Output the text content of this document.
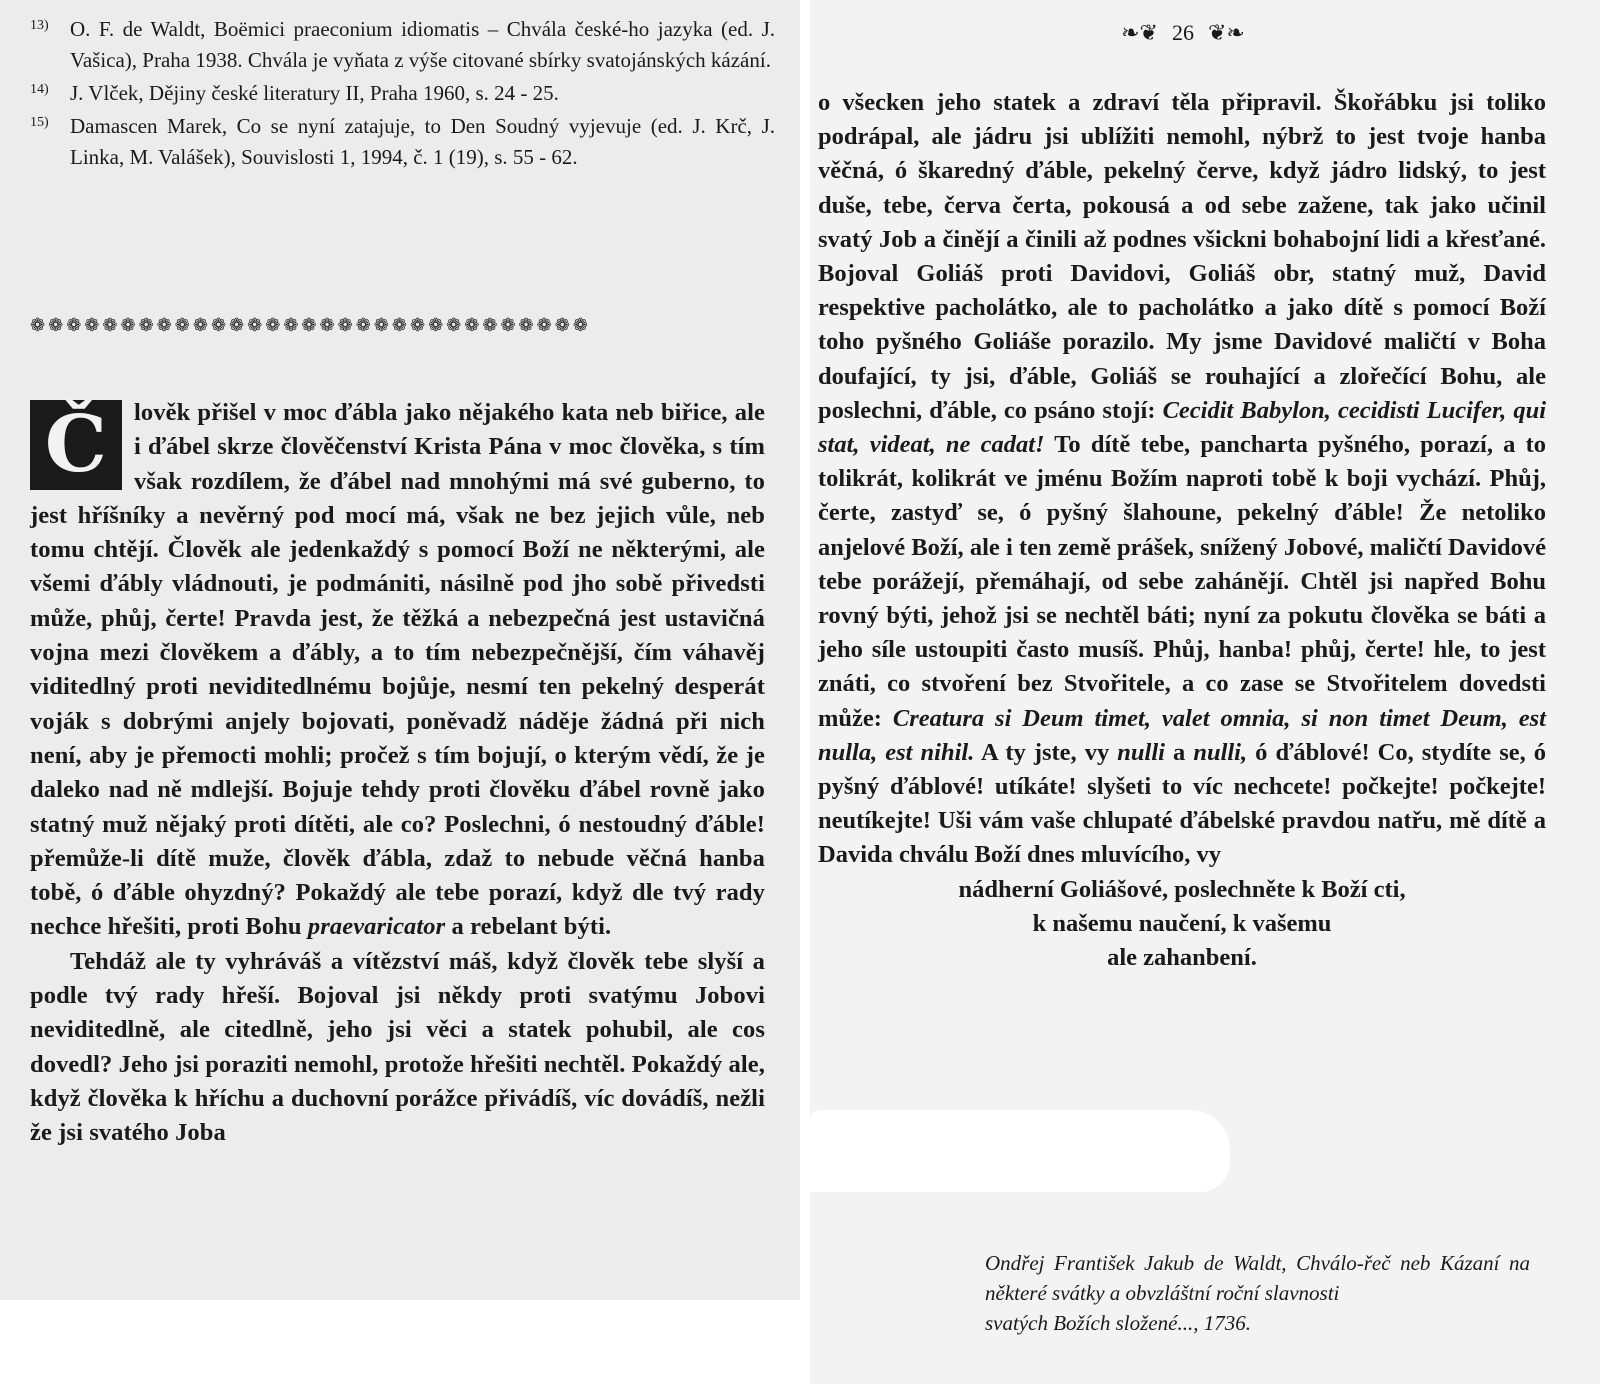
13)	O. F. de Waldt, Boëmici praeconium idiomatis – Chvála české-ho jazyka (ed. J. Vašica), Praha 1938. Chvála je vyňata z výše citované sbírky svatojánských kázání.
14)	J. Vlček, Dějiny české literatury II, Praha 1960, s. 24 - 25.
15)	Damascen Marek, Co se nyní zatajuje, to Den Soudný vyjevuje (ed. J. Krč, J. Linka, M. Valášek), Souvislosti 1, 1994, č. 1 (19), s. 55 - 62.
❁ ❁ ❁ ❁ ❁ ❁ ❁ ❁ ❁ ❁ ❁ ❁ ❁ ❁ ❁ ❁ ❁ ❁ ❁ ❁ ❁ ❁ ❁ ❁ ❁ ❁ ❁ ❁ ❁ ❁ ❁
Č	lověk přišel v moc ďábla jako nějakého kata neb biřice, ale i ďábel skrze člověčenství Krista Pána v moc člověka, s tím však rozdílem, že ďábel nad mnohými má své guberno, to jest hříšníky a nevěrný pod mocí má, však ne bez jejich vůle, neb tomu chtějí. Člověk ale jedenkaždý s pomocí Boží ne některými, ale všemi ďábly vládnouti, je podmániti, násilně pod jho sobě přivedsti může, phůj, čerte! Pravda jest, že těžká a nebezpečná jest ustavičná vojna mezi člověkem a ďábly, a to tím nebezpečnější, čím váhavěj viditedlný proti neviditedlnému bojůje, nesmí ten pekelný desperát voják s dobrými anjely bojovati, poněvadž náděje žádná při nich není, aby je přemocti mohli; pročež s tím bojují, o kterým vědí, že je daleko nad ně mdlejší. Bojuje tehdy proti člověku ďábel rovně jako statný muž nějaký proti dítěti, ale co? Poslechni, ó nestoudný ďáble! přemůže-li dítě muže, člověk ďábla, zdaž to nebude věčná hanba tobě, ó ďáble ohyzdný? Pokaždý ale tebe porazí, když dle tvý rady nechce hřešiti, proti Bohu praevaricator a rebelant býti.

Tehdáž ale ty vyhráváš a vítězství máš, když člověk tebe slyší a podle tvý rady hřeší. Bojoval jsi někdy proti svatýmu Jobovi neviditedlně, ale citedlně, jeho jsi věci a statek pohubil, ale cos dovedl? Jeho jsi poraziti nemohl, protože hřešiti nechtěl. Pokaždý ale, když člověka k hříchu a duchovní porážce přivádíš, víc dovádíš, nežli že jsi svatého Joba

❧❦ 26 ❦❧
o všecken jeho statek a zdraví těla připravil. Škořábku jsi toliko podrápal, ale jádru jsi ublížiti nemohl, nýbrž to jest tvoje hanba věčná, ó škaredný ďáble, pekelný červe, když jádro lidský, to jest duše, tebe, červa čerta, pokousá a od sebe zažene, tak jako učinil svatý Job a činějí a činili až podnes všickni bohabojní lidi a křesťané. Bojoval Goliáš proti Davidovi, Goliáš obr, statný muž, David respektive pacholátko, ale to pacholátko a jako dítě s pomocí Boží toho pyšného Goliáše porazilo. My jsme Davidové maličtí v Boha doufající, ty jsi, ďáble, Goliáš se rouhající a zlořečící Bohu, ale poslechni, ďáble, co psáno stojí: Cecidit Babylon, cecidisti Lucifer, qui stat, videat, ne cadat! To dítě tebe, pancharta pyšného, porazí, a to tolikrát, kolikrát ve jménu Božím naproti tobě k boji vychází. Phůj, čerte, zastyď se, ó pyšný šlahoune, pekelný ďáble! Že netoliko anjelové Boží, ale i ten země prášek, snížený Jobové, maličtí Davidové tebe porážejí, přemáhají, od sebe zahánějí. Chtěl jsi napřed Bohu rovný býti, jehož jsi se nechtěl báti; nyní za pokutu člověka se báti a jeho síle ustoupiti často musíš. Phůj, hanba! phůj, čerte! hle, to jest znáti, co stvoření bez Stvořitele, a co zase se Stvořitelem dovedsti může: Creatura si Deum timet, valet omnia, si non timet Deum, est nulla, est nihil. A ty jste, vy nulli a nulli, ó ďáblové! Co, stydíte se, ó pyšný ďáblové! utíkáte! slyšeti to víc nechcete! počkejte! počkejte! neutíkejte! Uši vám vaše chlupaté ďábelské pravdou natřu, mě dítě a Davida chválu Boží dnes mluvícího, vy
nádherní Goliášové, poslechněte k Boží cti,
k našemu naučení, k vašemu
ale zahanbení.
Ondřej František Jakub de Waldt, Chválo-řeč neb Kázaní na některé svátky a obvzláštní roční slavnosti
svatých Božích složené..., 1736.
